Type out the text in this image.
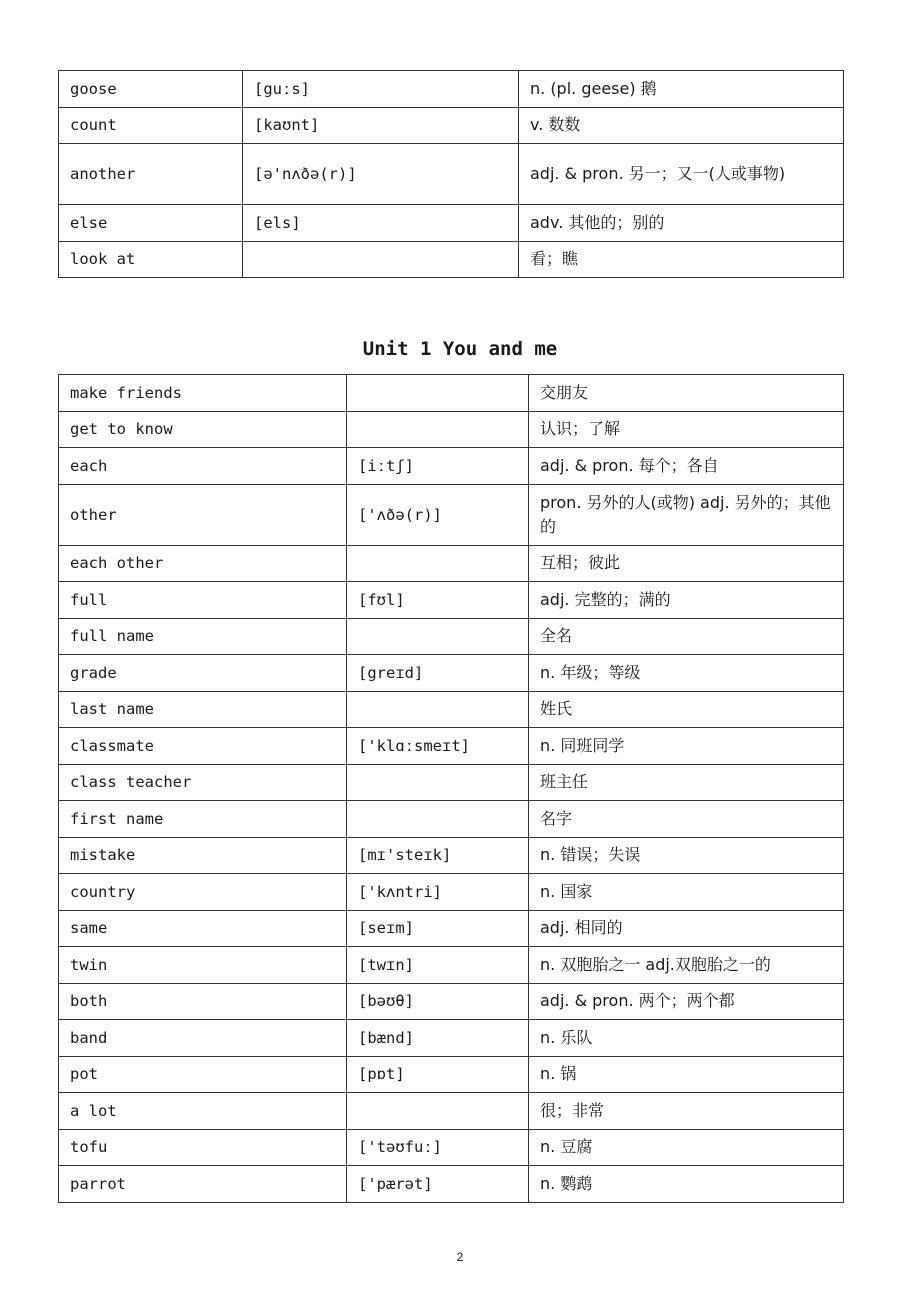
goose	[guːs]	n. (pl. geese) 鹅
count	[kaʊnt]	v. 数数
another	[ə'nʌðə(r)]	adj. & pron. 另一；又一(人或事物)
else	[els]	adv. 其他的；别的
look at		看；瞧
Unit 1 You and me
make friends		交朋友
get to know		认识；了解
each	[iːtʃ]	adj. & pron. 每个；各自
other	['ʌðə(r)]	pron. 另外的人(或物) adj. 另外的；其他的
each other		互相；彼此
full	[fʊl]	adj. 完整的；满的
full name		全名
grade	[greɪd]	n. 年级；等级
last name		姓氏
classmate	['klɑːsmeɪt]	n. 同班同学
class teacher		班主任
first name		名字
mistake	[mɪ'steɪk]	n. 错误；失误
country	['kʌntri]	n. 国家
same	[seɪm]	adj. 相同的
twin	[twɪn]	n. 双胞胎之一 adj.双胞胎之一的
both	[bəʊθ]	adj. & pron. 两个；两个都
band	[bænd]	n. 乐队
pot	[pɒt]	n. 锅
a lot		很；非常
tofu	['təʊfuː]	n. 豆腐
parrot	['pærət]	n. 鹦鹉
2
